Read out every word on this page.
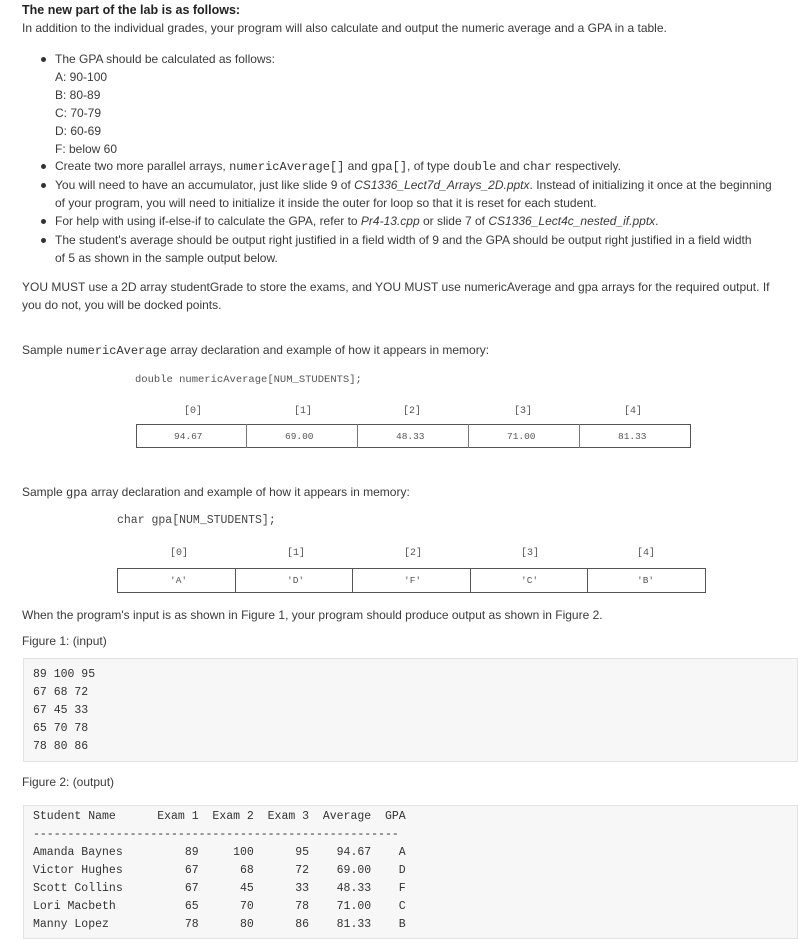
The new part of the lab is as follows:
In addition to the individual grades, your program will also calculate and output the numeric average and a GPA in a table.
The GPA should be calculated as follows:
A: 90-100
B: 80-89
C: 70-79
D: 60-69
F: below 60
Create two more parallel arrays, numericAverage[] and gpa[], of type double and char respectively.
You will need to have an accumulator, just like slide 9 of CS1336_Lect7d_Arrays_2D.pptx. Instead of initializing it once at the beginning
of your program, you will need to initialize it inside the outer for loop so that it is reset for each student.
For help with using if-else-if to calculate the GPA, refer to Pr4-13.cpp or slide 7 of CS1336_Lect4c_nested_if.pptx.
The student's average should be output right justified in a field width of 9 and the GPA should be output right justified in a field width
of 5 as shown in the sample output below.
YOU MUST use a 2D array studentGrade to store the exams, and YOU MUST use numericAverage and gpa arrays for the required output. If
you do not, you will be docked points.
Sample numericAverage array declaration and example of how it appears in memory:
double numericAverage[NUM_STUDENTS];
[0]	[1]	[2]	[3]	[4]
94.67	69.00	48.33	71.00	81.33
Sample gpa array declaration and example of how it appears in memory:
char gpa[NUM_STUDENTS];
[0]	[1]	[2]	[3]	[4]
'A'	'D'	'F'	'C'	'B'
When the program's input is as shown in Figure 1, your program should produce output as shown in Figure 2.
Figure 1: (input)
89 100 95
67 68 72
67 45 33
65 70 78
78 80 86
Figure 2: (output)
Student Name      Exam 1  Exam 2  Exam 3  Average  GPA
-----------------------------------------------------
Amanda Baynes         89     100      95    94.67    A
Victor Hughes         67      68      72    69.00    D
Scott Collins         67      45      33    48.33    F
Lori Macbeth          65      70      78    71.00    C
Manny Lopez           78      80      86    81.33    B
